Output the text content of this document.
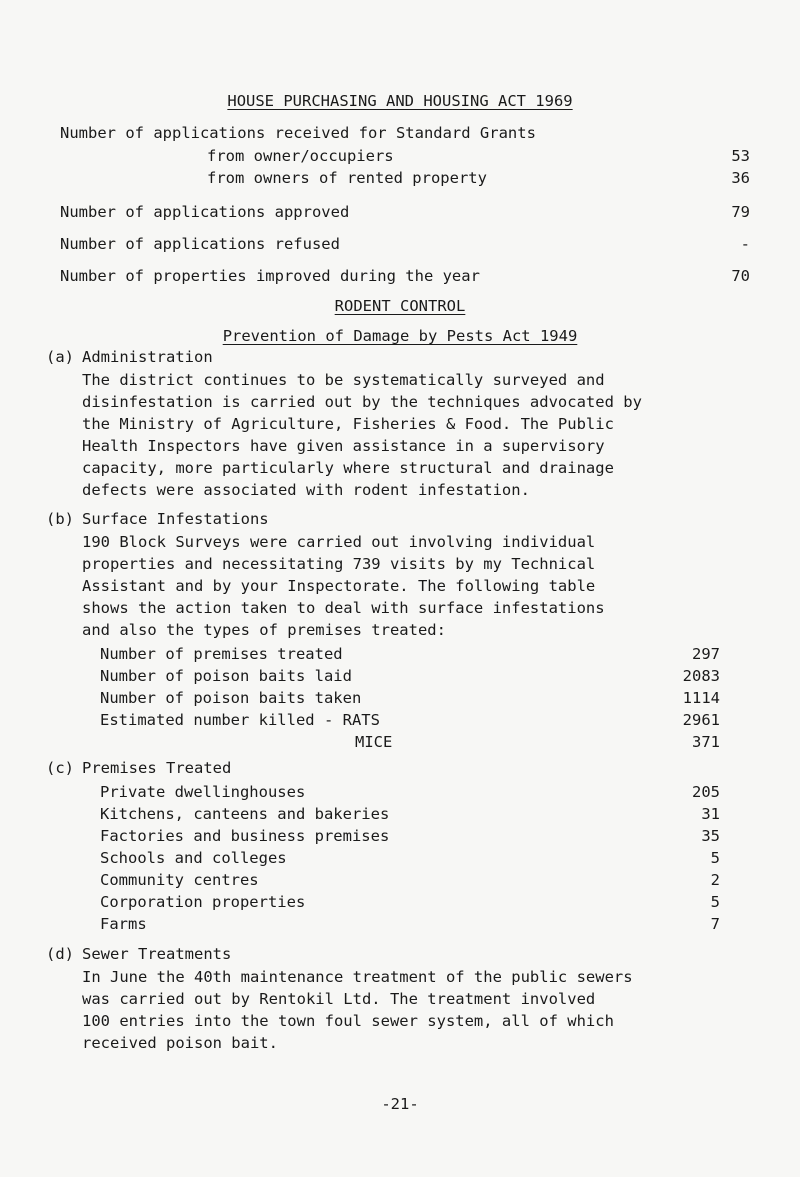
HOUSE PURCHASING AND HOUSING ACT 1969
Number of applications received for Standard Grants
from owner/occupiers	53
from owners of rented property	36
Number of applications approved	79
Number of applications refused	-
Number of properties improved during the year	70
RODENT CONTROL
Prevention of Damage by Pests Act 1949
(a) Administration
The district continues to be systematically surveyed and
disinfestation is carried out by the techniques advocated by
the Ministry of Agriculture, Fisheries & Food. The Public
Health Inspectors have given assistance in a supervisory
capacity, more particularly where structural and drainage
defects were associated with rodent infestation.
(b) Surface Infestations
190 Block Surveys were carried out involving individual
properties and necessitating 739 visits by my Technical
Assistant and by your Inspectorate. The following table
shows the action taken to deal with surface infestations
and also the types of premises treated:
Number of premises treated	297
Number of poison baits laid	2083
Number of poison baits taken	1114
Estimated number killed - RATS	2961
MICE	371
(c) Premises Treated
Private dwellinghouses	205
Kitchens, canteens and bakeries	31
Factories and business premises	35
Schools and colleges	5
Community centres	2
Corporation properties	5
Farms	7
(d) Sewer Treatments
In June the 40th maintenance treatment of the public sewers
was carried out by Rentokil Ltd. The treatment involved
100 entries into the town foul sewer system, all of which
received poison bait.
-21-
